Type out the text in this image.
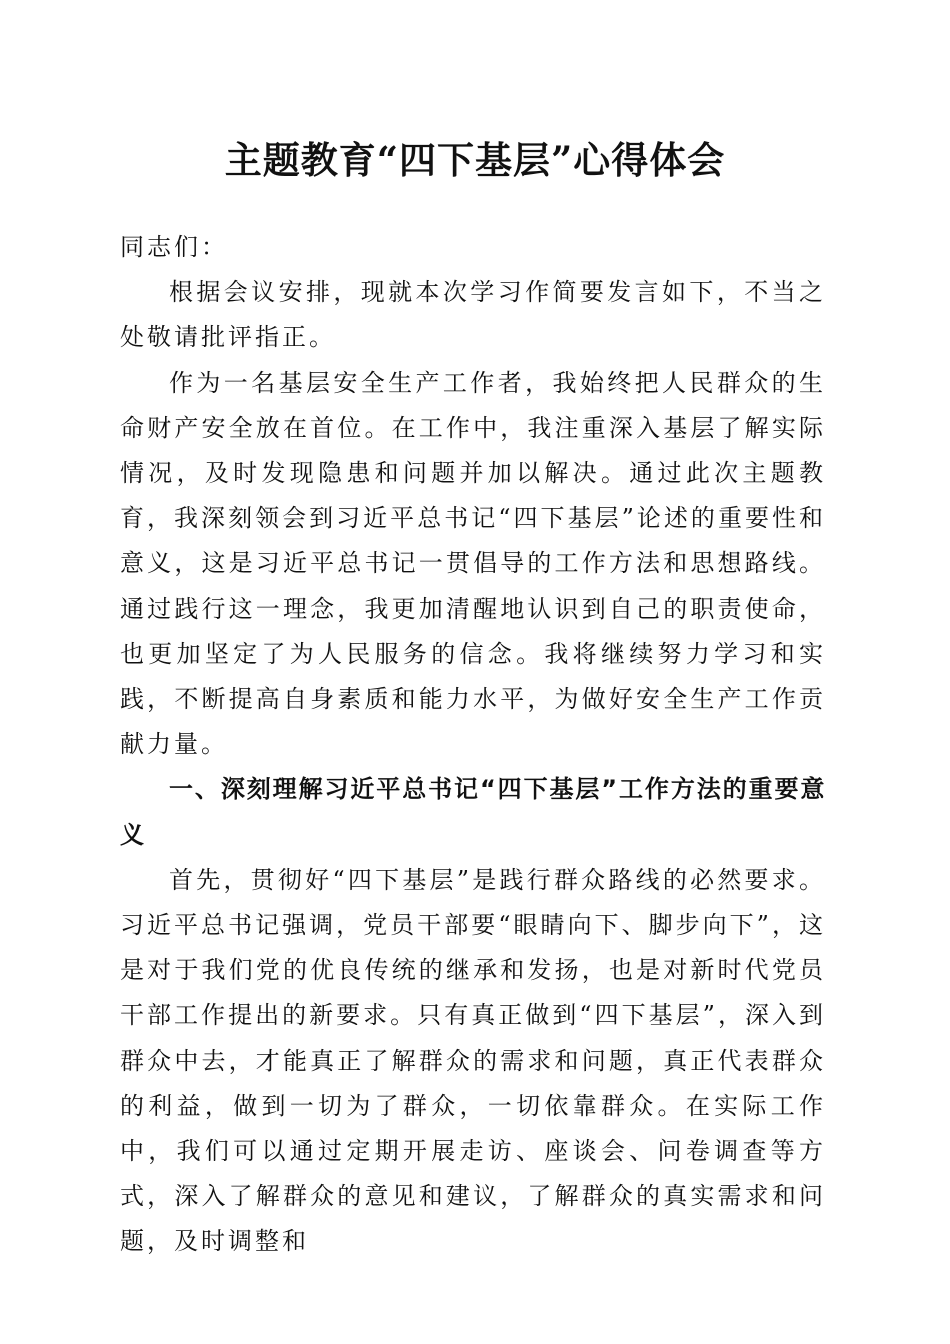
主题教育“四下基层”心得体会

同志们：

根据会议安排，现就本次学习作简要发言如下，不当之处敬请批评指正。

作为一名基层安全生产工作者，我始终把人民群众的生命财产安全放在首位。在工作中，我注重深入基层了解实际情况，及时发现隐患和问题并加以解决。通过此次主题教育，我深刻领会到习近平总书记“四下基层”论述的重要性和意义，这是习近平总书记一贯倡导的工作方法和思想路线。通过践行这一理念，我更加清醒地认识到自己的职责使命，也更加坚定了为人民服务的信念。我将继续努力学习和实践，不断提高自身素质和能力水平，为做好安全生产工作贡献力量。

一、深刻理解习近平总书记“四下基层”工作方法的重要意义

首先，贯彻好“四下基层”是践行群众路线的必然要求。习近平总书记强调，党员干部要“眼睛向下、脚步向下”，这是对于我们党的优良传统的继承和发扬，也是对新时代党员干部工作提出的新要求。只有真正做到“四下基层”，深入到群众中去，才能真正了解群众的需求和问题，真正代表群众的利益，做到一切为了群众，一切依靠群众。在实际工作中，我们可以通过定期开展走访、座谈会、问卷调查等方式，深入了解群众的意见和建议，了解群众的真实需求和问题，及时调整和
